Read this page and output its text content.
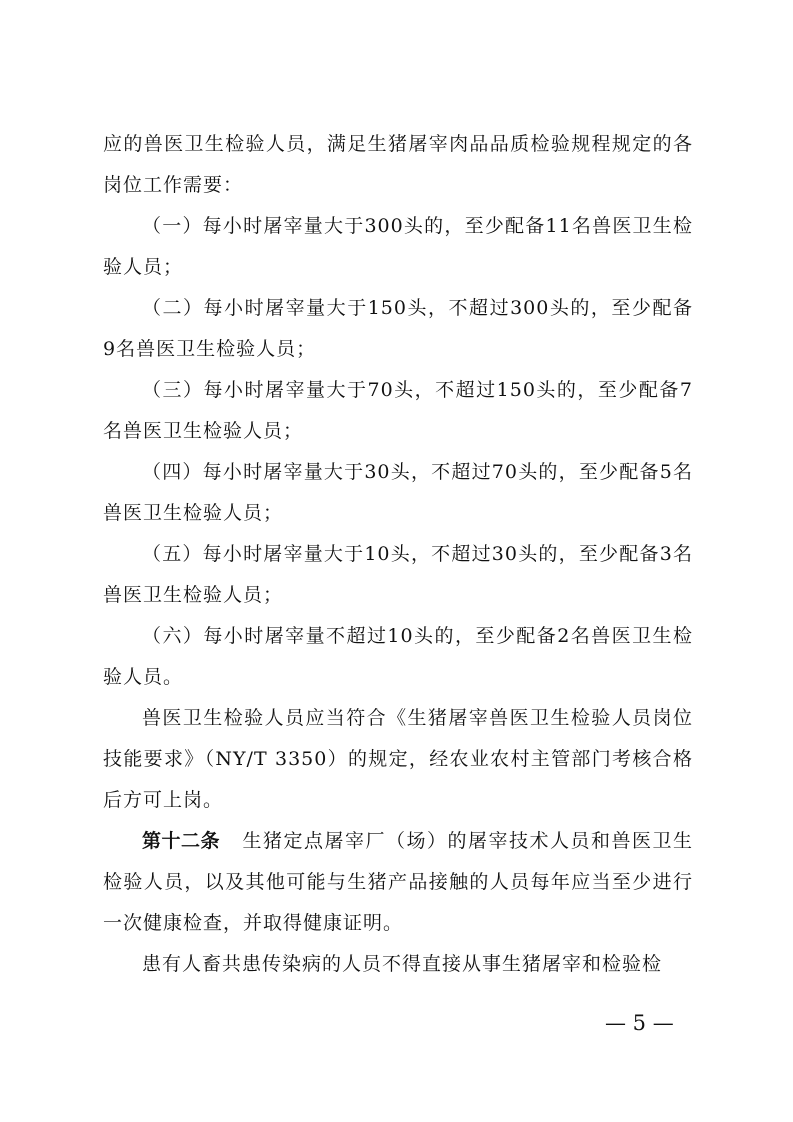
应的兽医卫生检验人员，满足生猪屠宰肉品品质检验规程规定的各岗位工作需要：

（一）每小时屠宰量大于300头的，至少配备11名兽医卫生检验人员；

（二）每小时屠宰量大于150头，不超过300头的，至少配备9名兽医卫生检验人员；

（三）每小时屠宰量大于70头，不超过150头的，至少配备7名兽医卫生检验人员；

（四）每小时屠宰量大于30头，不超过70头的，至少配备5名兽医卫生检验人员；

（五）每小时屠宰量大于10头，不超过30头的，至少配备3名兽医卫生检验人员；

（六）每小时屠宰量不超过10头的，至少配备2名兽医卫生检验人员。

兽医卫生检验人员应当符合《生猪屠宰兽医卫生检验人员岗位技能要求》（NY/T 3350）的规定，经农业农村主管部门考核合格后方可上岗。

第十二条 生猪定点屠宰厂（场）的屠宰技术人员和兽医卫生检验人员，以及其他可能与生猪产品接触的人员每年应当至少进行一次健康检查，并取得健康证明。

患有人畜共患传染病的人员不得直接从事生猪屠宰和检验检

— 5 —
